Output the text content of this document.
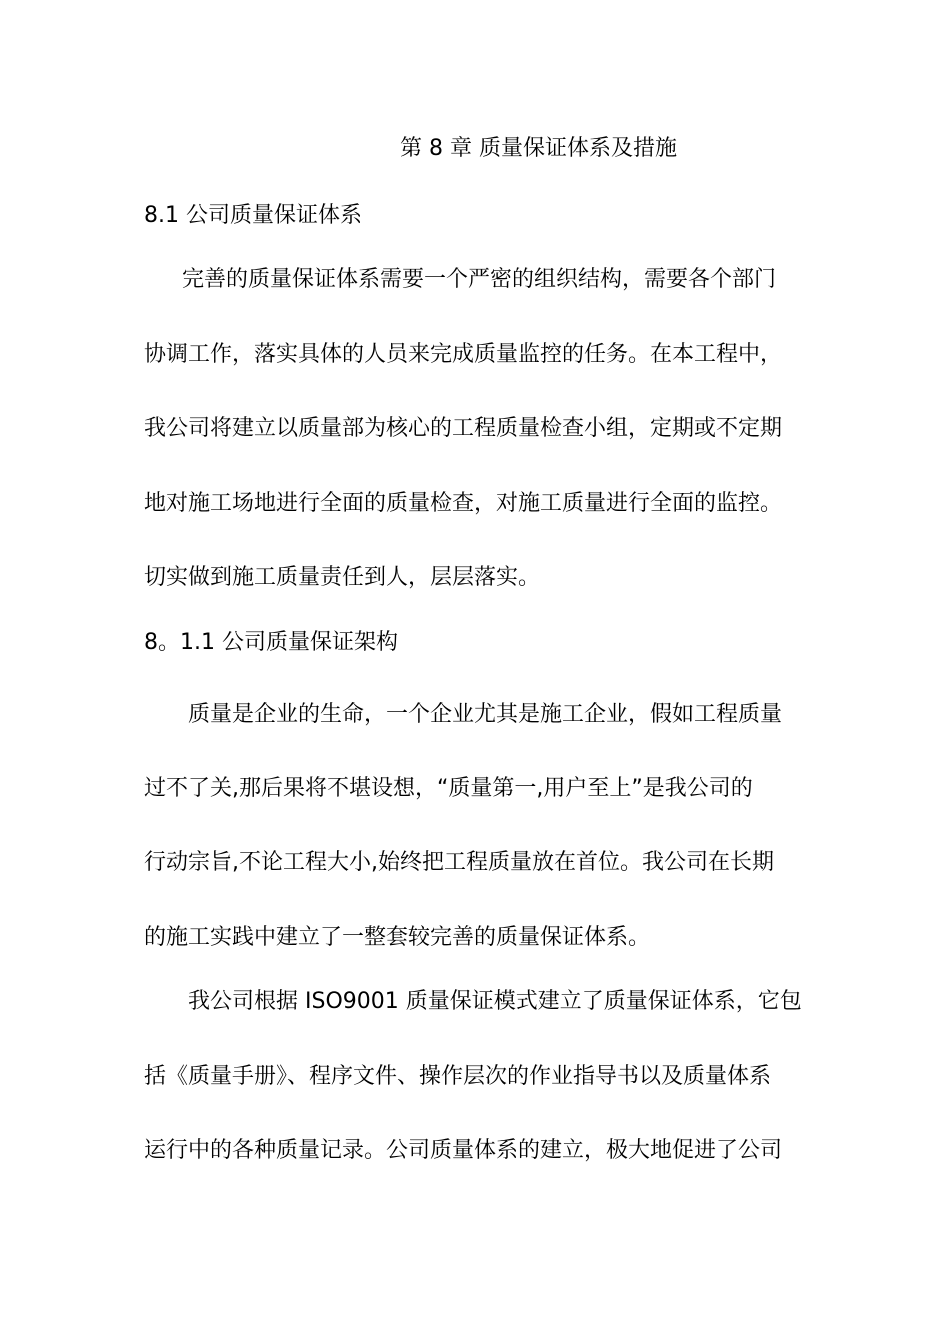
第 8 章 质量保证体系及措施

8.1 公司质量保证体系

完善的质量保证体系需要一个严密的组织结构，需要各个部门

协调工作，落实具体的人员来完成质量监控的任务。在本工程中，

我公司将建立以质量部为核心的工程质量检查小组，定期或不定期

地对施工场地进行全面的质量检查，对施工质量进行全面的监控。

切实做到施工质量责任到人，层层落实。

8。1.1 公司质量保证架构

质量是企业的生命，一个企业尤其是施工企业，假如工程质量

过不了关,那后果将不堪设想，“质量第一,用户至上”是我公司的

行动宗旨,不论工程大小,始终把工程质量放在首位。我公司在长期

的施工实践中建立了一整套较完善的质量保证体系。

我公司根据 ISO9001 质量保证模式建立了质量保证体系，它包

括《质量手册》、程序文件、操作层次的作业指导书以及质量体系

运行中的各种质量记录。公司质量体系的建立，极大地促进了公司
